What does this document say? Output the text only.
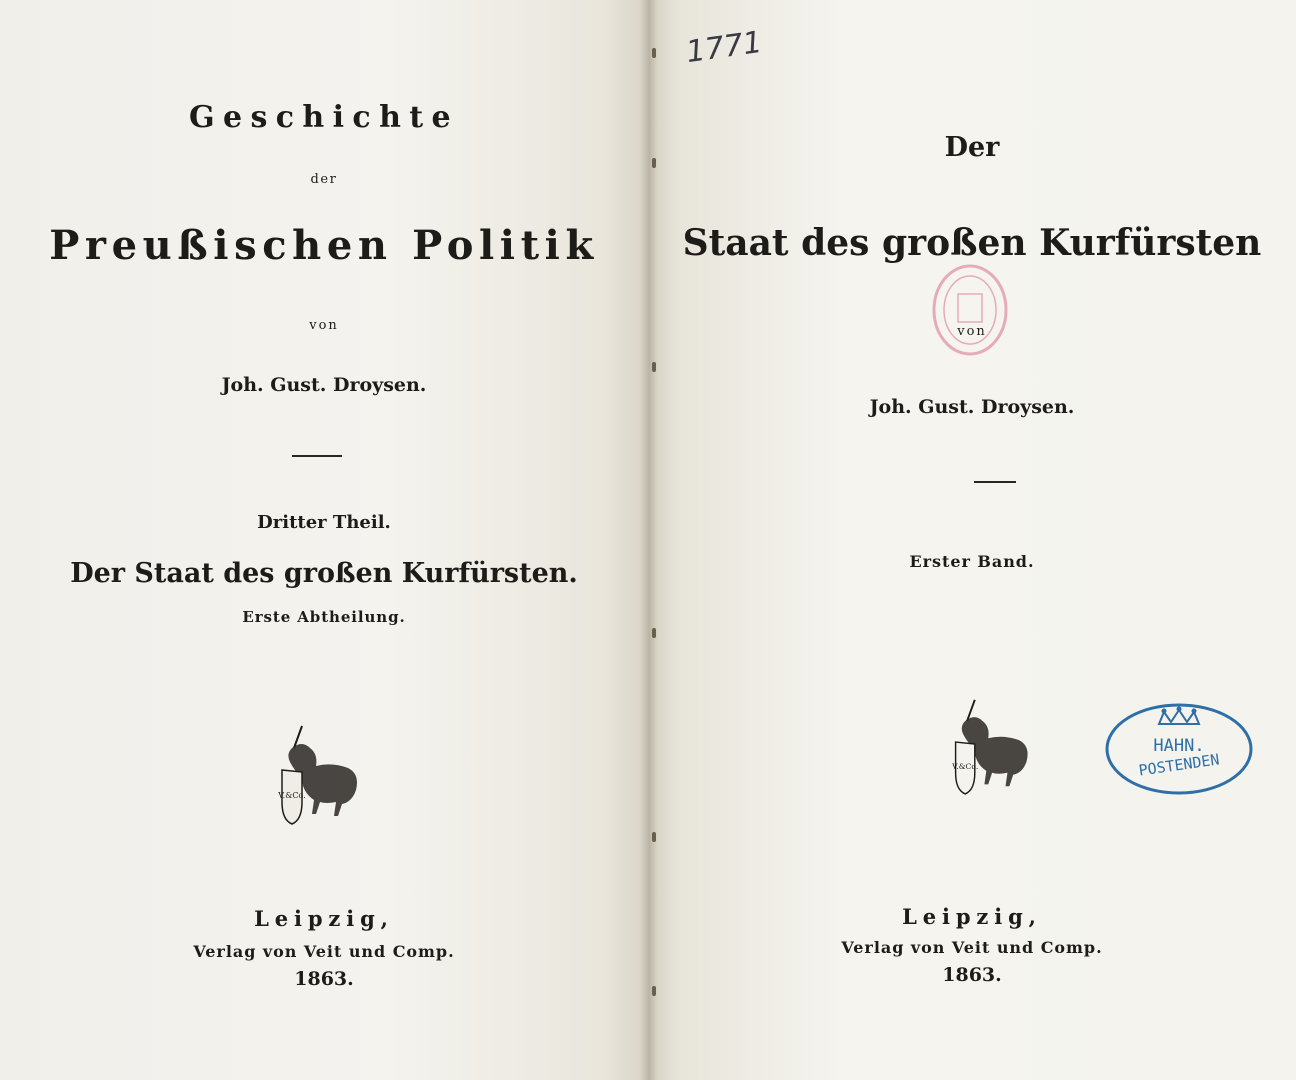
Geschichte
der
Preußischen Politik
von
Joh. Gust. Droysen.
Dritter Theil.
Der Staat des großen Kurfürsten.
Erste Abtheilung.
V.&Co.
Leipzig,
Verlag von Veit und Comp.
1863.
1771
Der
Staat des großen Kurfürsten
von
Joh. Gust. Droysen.
Erster Band.
V.&Co.
HAHN.
POSTENDEN
Leipzig,
Verlag von Veit und Comp.
1863.
